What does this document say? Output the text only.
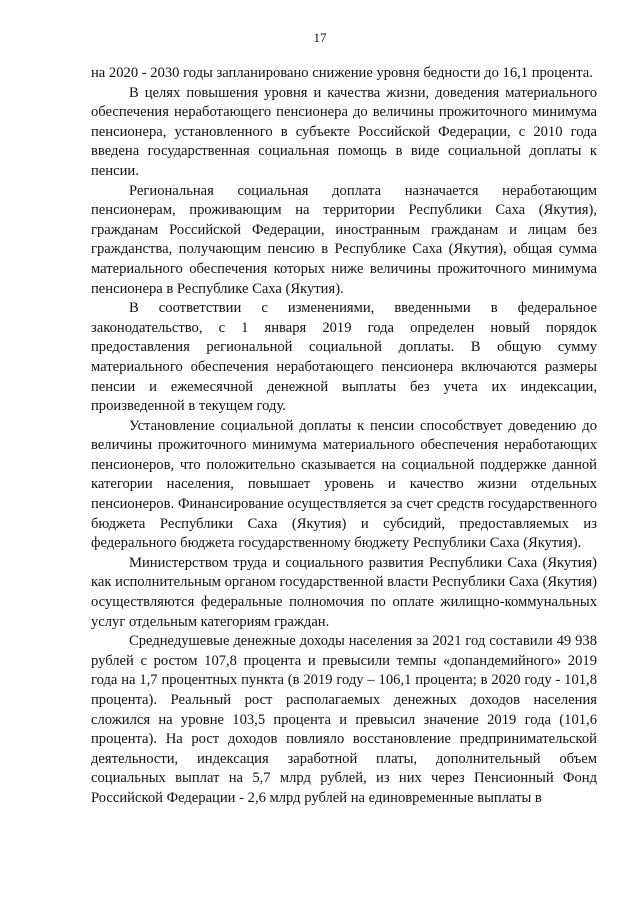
17

на 2020 - 2030 годы запланировано снижение уровня бедности до 16,1 процента.

В целях повышения уровня и качества жизни, доведения материального обеспечения неработающего пенсионера до величины прожиточного минимума пенсионера, установленного в субъекте Российской Федерации, с 2010 года введена государственная социальная помощь в виде социальной доплаты к пенсии.

Региональная социальная доплата назначается неработающим пенсионерам, проживающим на территории Республики Саха (Якутия), гражданам Российской Федерации, иностранным гражданам и лицам без гражданства, получающим пенсию в Республике Саха (Якутия), общая сумма материального обеспечения которых ниже величины прожиточного минимума пенсионера в Республике Саха (Якутия).

В соответствии с изменениями, введенными в федеральное законодательство, с 1 января 2019 года определен новый порядок предоставления региональной социальной доплаты. В общую сумму материального обеспечения неработающего пенсионера включаются размеры пенсии и ежемесячной денежной выплаты без учета их индексации, произведенной в текущем году.

Установление социальной доплаты к пенсии способствует доведению до величины прожиточного минимума материального обеспечения неработающих пенсионеров, что положительно сказывается на социальной поддержке данной категории населения, повышает уровень и качество жизни отдельных пенсионеров. Финансирование осуществляется за счет средств государственного бюджета Республики Саха (Якутия) и субсидий, предоставляемых из федерального бюджета государственному бюджету Республики Саха (Якутия).

Министерством труда и социального развития Республики Саха (Якутия) как исполнительным органом государственной власти Республики Саха (Якутия) осуществляются федеральные полномочия по оплате жилищно-коммунальных услуг отдельным категориям граждан.

Среднедушевые денежные доходы населения за 2021 год составили 49 938 рублей с ростом 107,8 процента и превысили темпы «допандемийного» 2019 года на 1,7 процентных пункта (в 2019 году – 106,1 процента; в 2020 году - 101,8 процента). Реальный рост располагаемых денежных доходов населения сложился на уровне 103,5 процента и превысил значение 2019 года (101,6 процента). На рост доходов повлияло восстановление предпринимательской деятельности, индексация заработной платы, дополнительный объем социальных выплат на 5,7 млрд рублей, из них через Пенсионный Фонд Российской Федерации - 2,6 млрд рублей на единовременные выплаты в
